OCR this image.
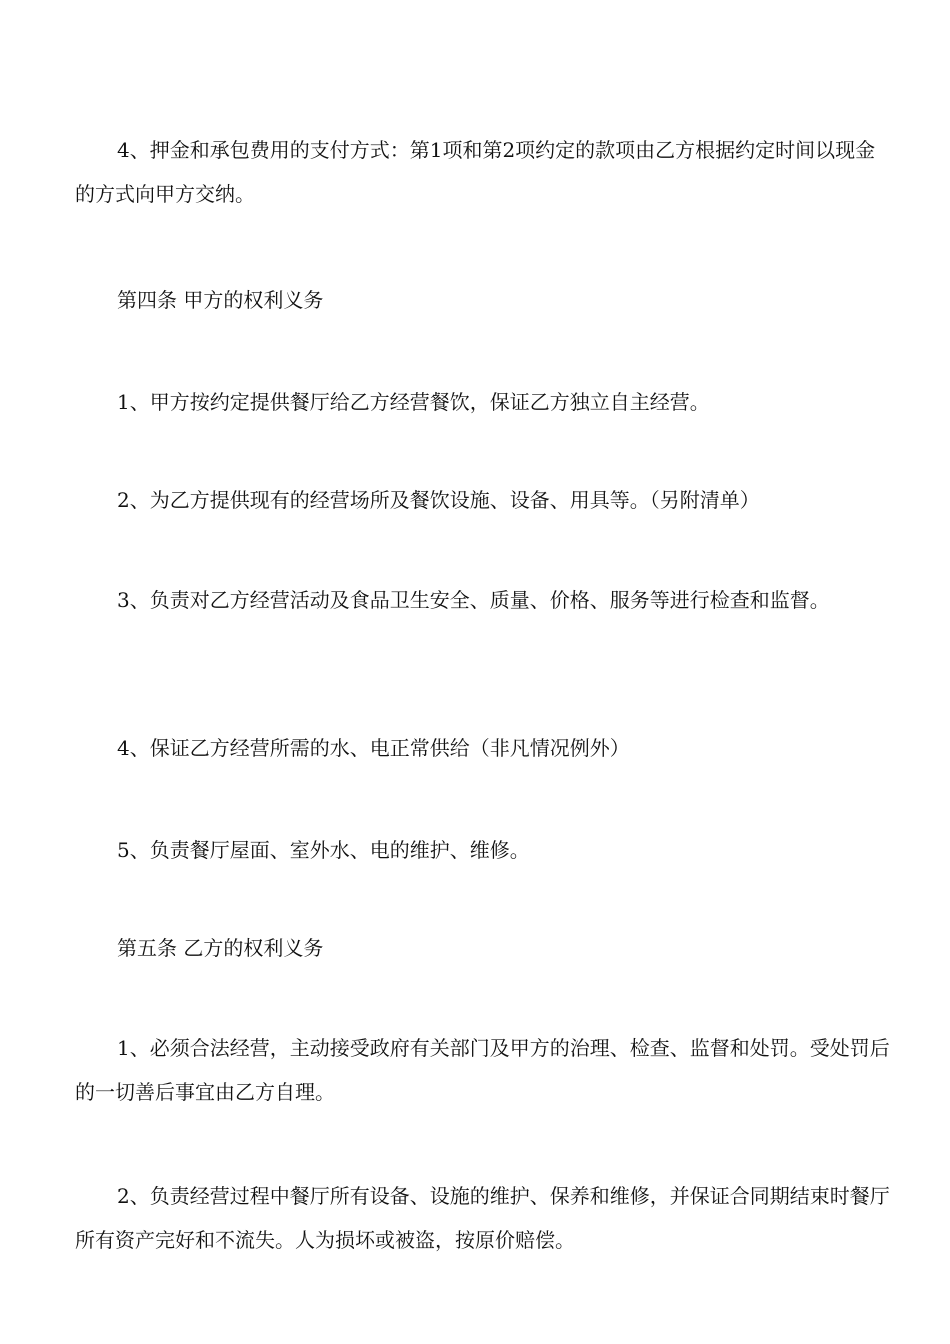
4、押金和承包费用的支付方式：第1项和第2项约定的款项由乙方根据约定时间以现金的方式向甲方交纳。

第四条 甲方的权利义务

1、甲方按约定提供餐厅给乙方经营餐饮，保证乙方独立自主经营。

2、为乙方提供现有的经营场所及餐饮设施、设备、用具等。（另附清单）

3、负责对乙方经营活动及食品卫生安全、质量、价格、服务等进行检查和监督。

4、保证乙方经营所需的水、电正常供给（非凡情况例外）

5、负责餐厅屋面、室外水、电的维护、维修。

第五条 乙方的权利义务

1、必须合法经营，主动接受政府有关部门及甲方的治理、检查、监督和处罚。受处罚后的一切善后事宜由乙方自理。

2、负责经营过程中餐厅所有设备、设施的维护、保养和维修，并保证合同期结束时餐厅所有资产完好和不流失。人为损坏或被盗，按原价赔偿。
